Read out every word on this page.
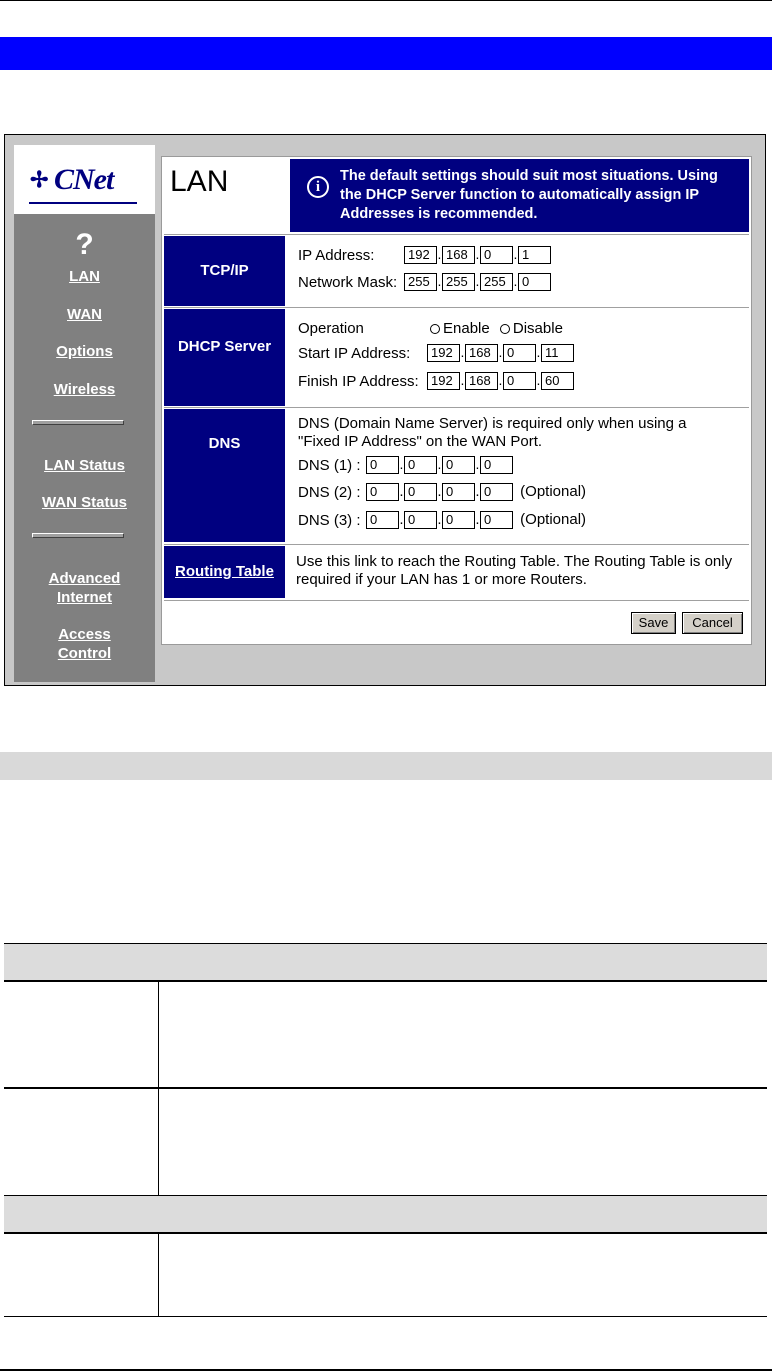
✢ CNet
?
LAN
WAN
Options
Wireless
LAN Status
WAN Status
Advanced
Internet
Access
Control
LAN	i
The default settings should suit most situations. Using the DHCP Server function to automatically assign IP Addresses is recommended.
TCP/IP
IP Address:	192 . 168 . 0 . 1
Network Mask: 255 . 255 . 255 . 0
DHCP Server
Operation	Enable Disable
Start IP Address:	192 . 168 . 0 . 11
Finish IP Address: 192 . 168 . 0 . 60
DNS
DNS (Domain Name Server) is required only when using a
"Fixed IP Address" on the WAN Port.
DNS (1) : 0 . 0 . 0 . 0
DNS (2) : 0 . 0 . 0 . 0 (Optional)
DNS (3) : 0 . 0 . 0 . 0 (Optional)
Routing Table
Use this link to reach the Routing Table. The Routing Table is only
required if your LAN has 1 or more Routers.
Save	Cancel
